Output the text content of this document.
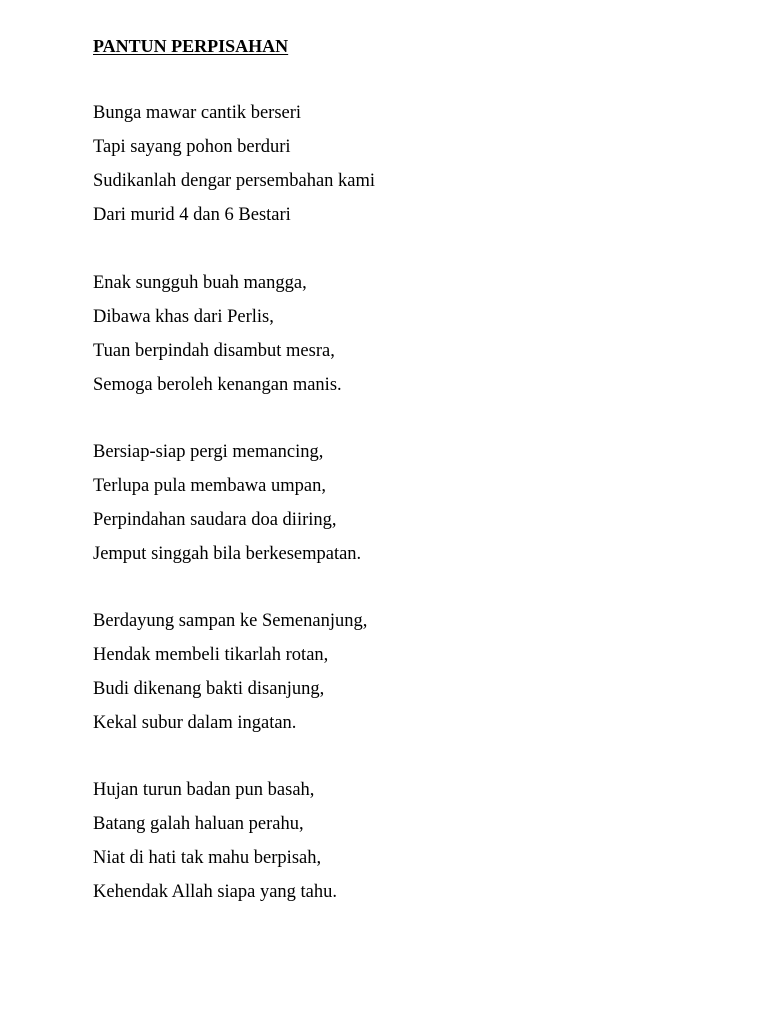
PANTUN PERPISAHAN
Bunga mawar cantik berseri
Tapi sayang pohon berduri
Sudikanlah dengar persembahan kami
Dari murid 4 dan 6 Bestari
Enak sungguh buah mangga,
Dibawa khas dari Perlis,
Tuan berpindah disambut mesra,
Semoga beroleh kenangan manis.
Bersiap-siap pergi memancing,
Terlupa pula membawa umpan,
Perpindahan saudara doa diiring,
Jemput singgah bila berkesempatan.
Berdayung sampan ke Semenanjung,
Hendak membeli tikarlah rotan,
Budi dikenang bakti disanjung,
Kekal subur dalam ingatan.
Hujan turun badan pun basah,
Batang galah haluan perahu,
Niat di hati tak mahu berpisah,
Kehendak Allah siapa yang tahu.
